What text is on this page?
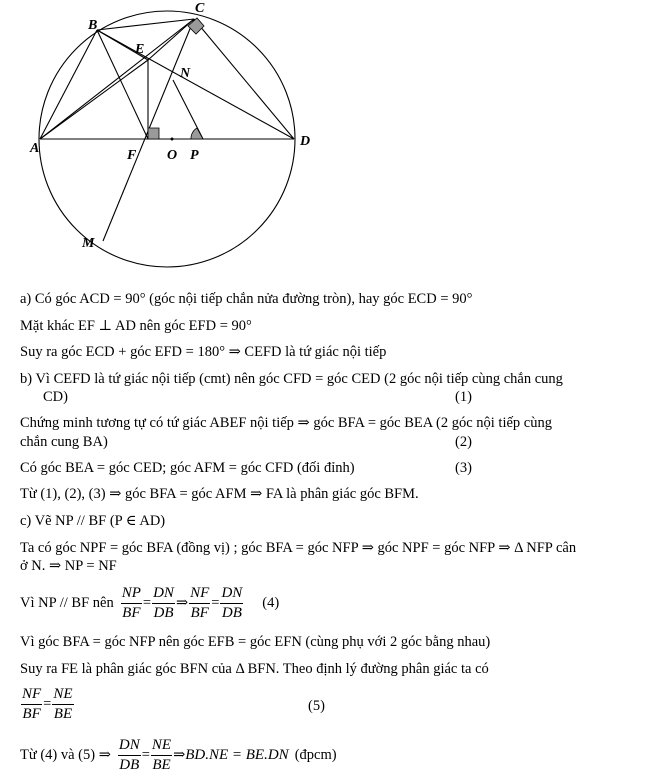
A
B
C
D
E
F
N
O P
M
a) Có góc ACD = 90° (góc nội tiếp chắn nửa đường tròn), hay góc ECD = 90°
Mặt khác EF ⊥ AD nên góc EFD = 90°
Suy ra góc ECD + góc EFD = 180° ⇒ CEFD là tứ giác nội tiếp
b) Vì CEFD là tứ giác nội tiếp (cmt) nên góc CFD = góc CED (2 góc nội tiếp cùng chắn cung
CD)	(1)
Chứng minh tương tự có tứ giác ABEF nội tiếp ⇒ góc BFA = góc BEA (2 góc nội tiếp cùng
chắn cung BA)	(2)
Có góc BEA = góc CED; góc AFM = góc CFD (đối đỉnh)	(3)
Từ (1), (2), (3) ⇒ góc BFA = góc AFM ⇒ FA là phân giác góc BFM.
c) Vẽ NP // BF (P ∈ AD)
Ta có góc NPF = góc BFA (đồng vị) ; góc BFA = góc NFP ⇒ góc NPF = góc NFP ⇒ Δ NFP cân
ở N. ⇒ NP = NF
Vì NP // BF nên $\frac{NP}{BF} = \frac{DN}{DB}$ ⇒ $\frac{NF}{BF} = \frac{DN}{DB} (4)$
Vì góc BFA = góc NFP nên góc EFB = góc EFN (cùng phụ với 2 góc bằng nhau)
Suy ra FE là phân giác góc BFN của Δ BFN. Theo định lý đường phân giác ta có
$\frac{NF}{BF} = \frac{NE}{BE}$	(5)
Từ (4) và (5) ⇒ $\frac{DN}{DB} = \frac{NE}{BE}$ ⇒ BD.NE = BE.DN (đpcm)
